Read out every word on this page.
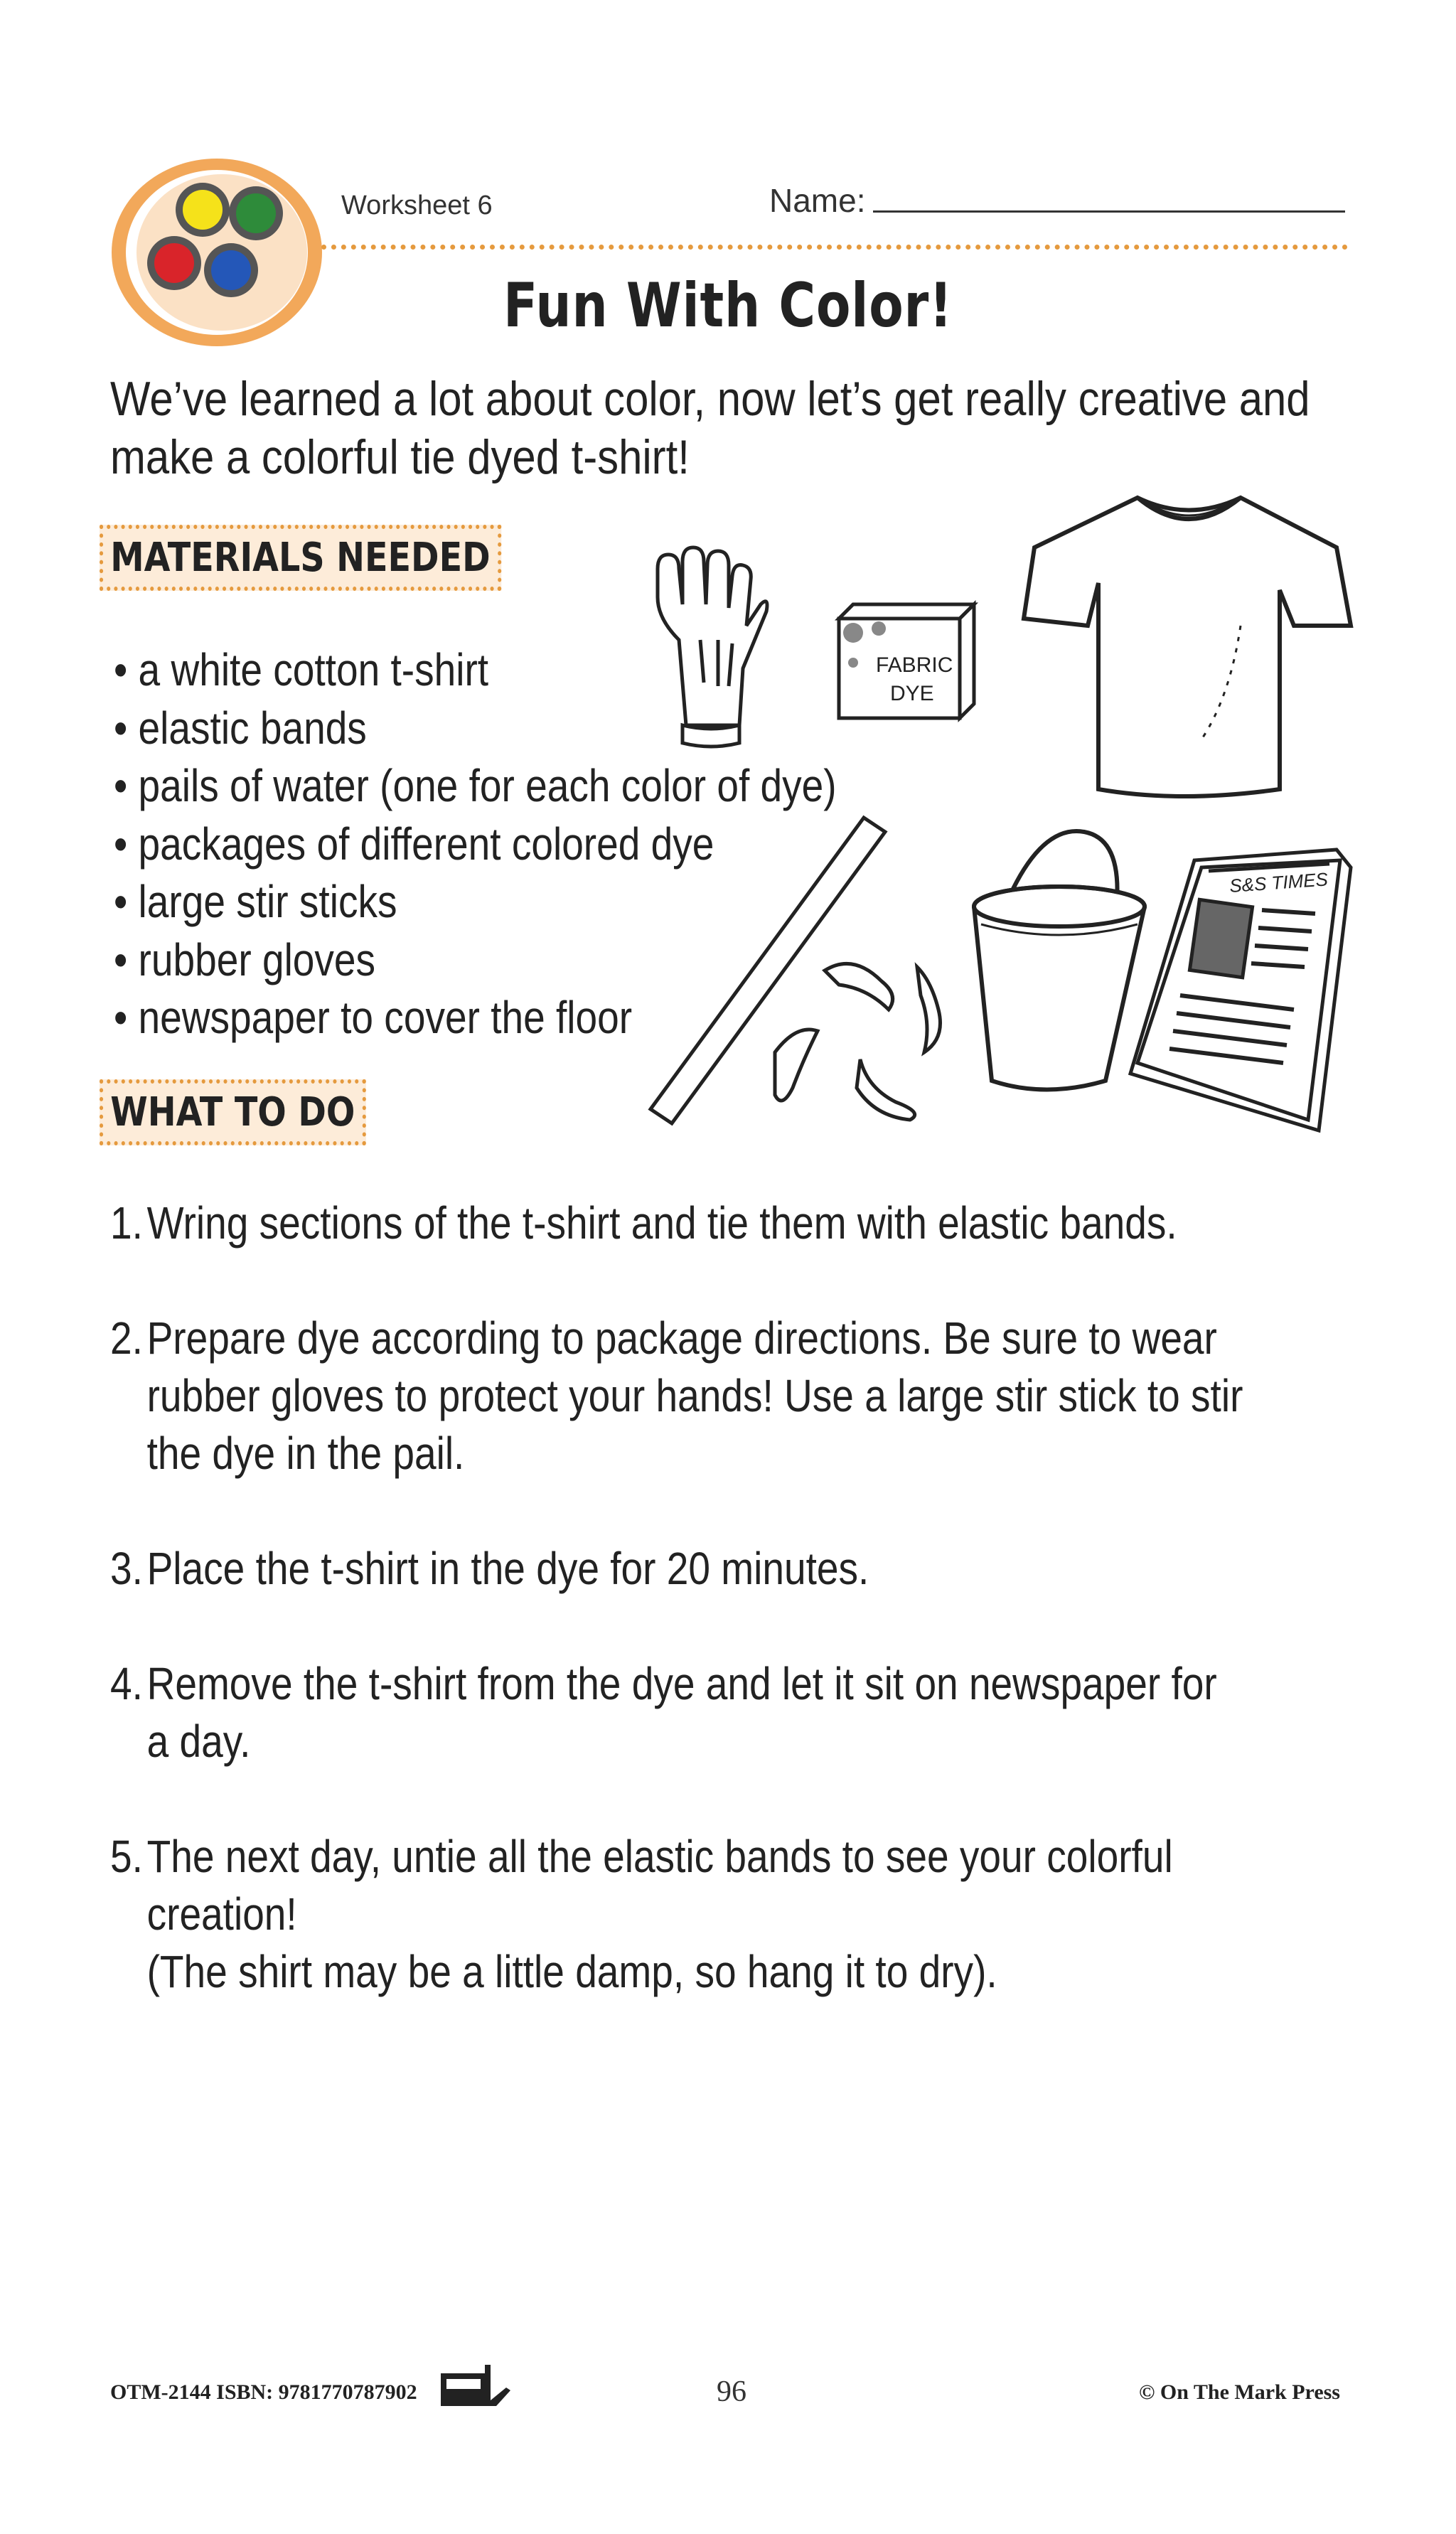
Worksheet 6	Name:
Fun With Color!
We’ve learned a lot about color, now let’s get really creative and
make a colorful tie dyed t-shirt!
MATERIALS NEEDED
• a white cotton t-shirt
• elastic bands
• pails of water (one for each color of dye)
• packages of different colored dye
• large stir sticks
• rubber gloves
• newspaper to cover the floor
FABRIC
DYE
S&S TIMES
WHAT TO DO
1.Wring sections of the t-shirt and tie them with elastic bands.
2.Prepare dye according to package directions. Be sure to wear
rubber gloves to protect your hands! Use a large stir stick to stir
the dye in the pail.
3.Place the t-shirt in the dye for 20 minutes.
4.Remove the t-shirt from the dye and let it sit on newspaper for
a day.
5.The next day, untie all the elastic bands to see your colorful
creation!
(The shirt may be a little damp, so hang it to dry).
OTM-2144 ISBN: 9781770787902	96	© On The Mark Press
